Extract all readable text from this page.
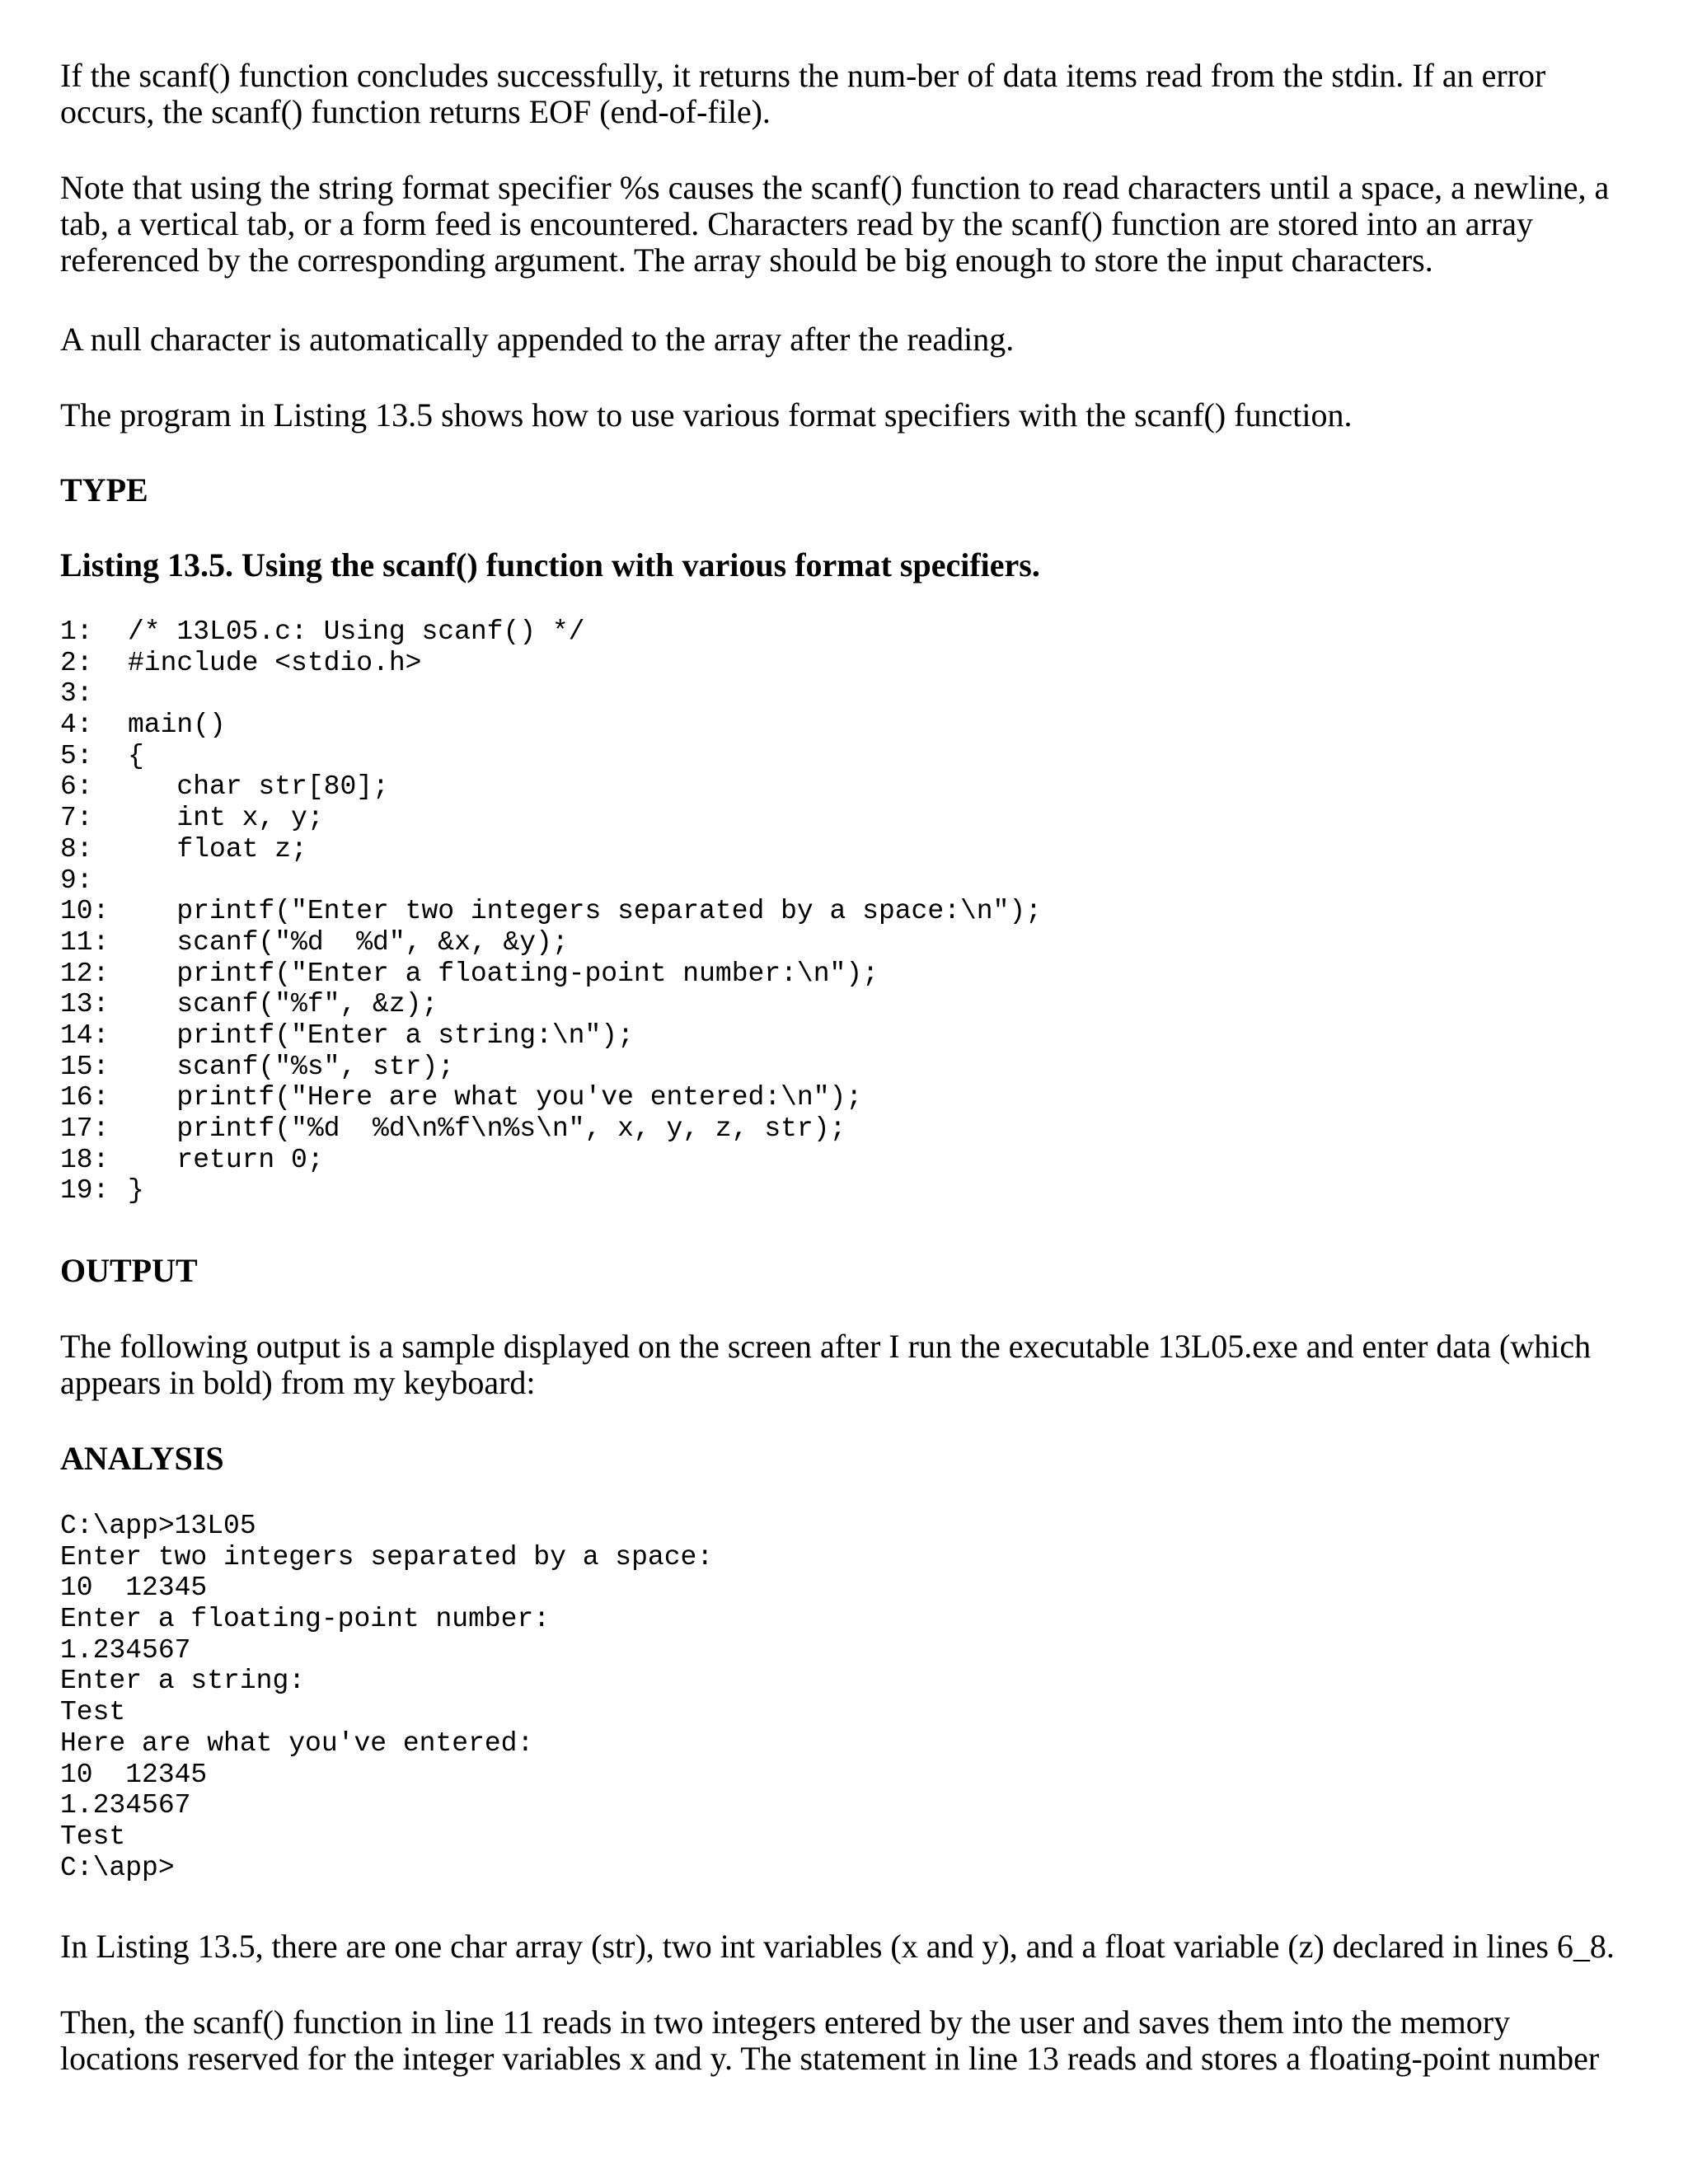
If the scanf() function concludes successfully, it returns the num-ber of data items read from the stdin. If an error occurs, the scanf() function returns EOF (end-of-file).

Note that using the string format specifier %s causes the scanf() function to read characters until a space, a newline, a tab, a vertical tab, or a form feed is encountered. Characters read by the scanf() function are stored into an array referenced by the corresponding argument. The array should be big enough to store the input characters.

A null character is automatically appended to the array after the reading.

The program in Listing 13.5 shows how to use various format specifiers with the scanf() function.

TYPE

Listing 13.5. Using the scanf() function with various format specifiers.

1: /* 13L05.c: Using scanf() */
2: #include <stdio.h>
3:
4: main()
5: {
6:   char str[80];
7:   int x, y;
8:   float z;
9:
10:   printf("Enter two integers separated by a space:\n");
11:   scanf("%d  %d", &x, &y);
12:   printf("Enter a floating-point number:\n");
13:   scanf("%f", &z);
14:   printf("Enter a string:\n");
15:   scanf("%s", str);
16:   printf("Here are what you've entered:\n");
17:   printf("%d  %d\n%f\n%s\n", x, y, z, str);
18:   return 0;
19: }

OUTPUT

The following output is a sample displayed on the screen after I run the executable 13L05.exe and enter data (which appears in bold) from my keyboard:

ANALYSIS

C:\app>13L05
Enter two integers separated by a space:
10  12345
Enter a floating-point number:
1.234567
Enter a string:
Test
Here are what you've entered:
10  12345
1.234567
Test
C:\app>

In Listing 13.5, there are one char array (str), two int variables (x and y), and a float variable (z) declared in lines 6_8.

Then, the scanf() function in line 11 reads in two integers entered by the user and saves them into the memory locations reserved for the integer variables x and y. The statement in line 13 reads and stores a floating-point number
